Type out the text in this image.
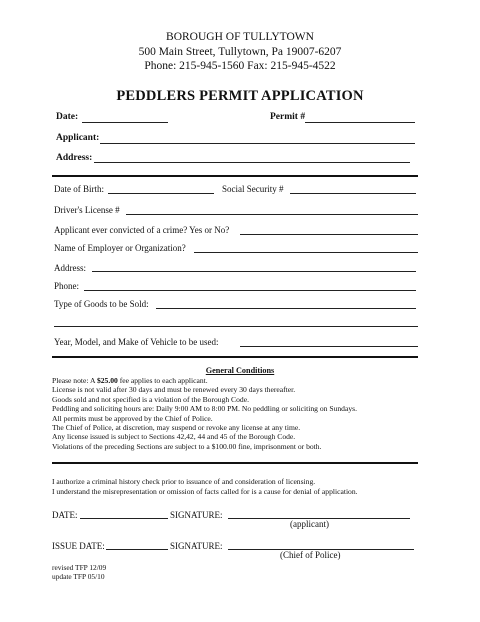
BOROUGH OF TULLYTOWN
500 Main Street, Tullytown, Pa 19007-6207
Phone: 215-945-1560 Fax: 215-945-4522
PEDDLERS PERMIT APPLICATION
Date:	Permit #
Applicant:
Address:
Date of Birth:	Social Security #
Driver's License #
Applicant ever convicted of a crime? Yes or No?
Name of Employer or Organization?
Address:
Phone:
Type of Goods to be Sold:
Year, Model, and Make of Vehicle to be used:
General Conditions
Please note: A $25.00 fee applies to each applicant.
License is not valid after 30 days and must be renewed every 30 days thereafter.
Goods sold and not specified is a violation of the Borough Code.
Peddling and soliciting hours are: Daily 9:00 AM to 8:00 PM. No peddling or soliciting on Sundays.
All permits must be approved by the Chief of Police.
The Chief of Police, at discretion, may suspend or revoke any license at any time.
Any license issued is subject to Sections 42,42, 44 and 45 of the Borough Code.
Violations of the preceding Sections are subject to a $100.00 fine, imprisonment or both.
I authorize a criminal history check prior to issuance of and consideration of licensing.
I understand the misrepresentation or omission of facts called for is a cause for denial of application.
DATE:	SIGNATURE:
(applicant)
ISSUE DATE:	SIGNATURE:
(Chief of Police)
revised TFP 12/09
update TFP 05/10
